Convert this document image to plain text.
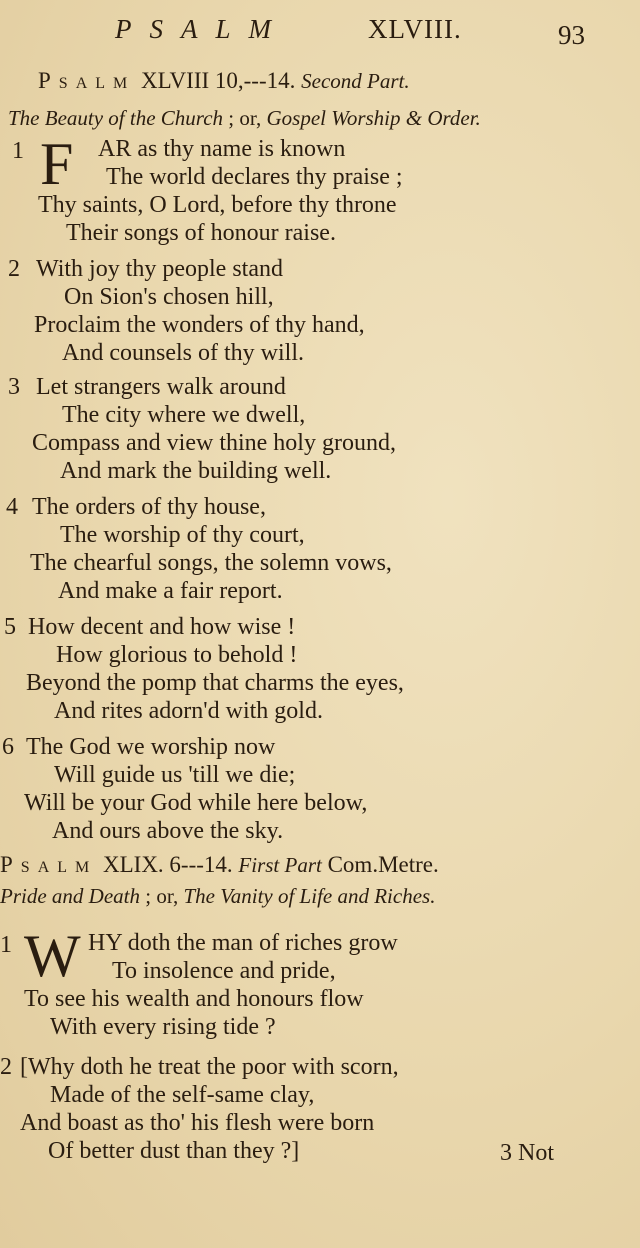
PSALM	XLVIII.	93
Psalm XLVIII 10,---14. Second Part.
The Beauty of the Church ; or, Gospel Worship & Order.
1 F AR as thy name is known
The world declares thy praise ;
Thy saints, O Lord, before thy throne
Their songs of honour raise.
2 With joy thy people stand
On Sion's chosen hill,
Proclaim the wonders of thy hand,
And counsels of thy will.
3 Let strangers walk around
The city where we dwell,
Compass and view thine holy ground,
And mark the building well.
4 The orders of thy house,
The worship of thy court,
The chearful songs, the solemn vows,
And make a fair report.
5 How decent and how wise !
How glorious to behold !
Beyond the pomp that charms the eyes,
And rites adorn'd with gold.
6 The God we worship now
Will guide us 'till we die;
Will be your God while here below,
And ours above the sky.
Psalm XLIX. 6---14. First Part Com.Metre.
Pride and Death ; or, The Vanity of Life and Riches.
1 W HY doth the man of riches grow
To insolence and pride,
To see his wealth and honours flow
With every rising tide ?
2 [Why doth he treat the poor with scorn,
Made of the self-same clay,
And boast as tho' his flesh were born
Of better dust than they ?]	3 Not
